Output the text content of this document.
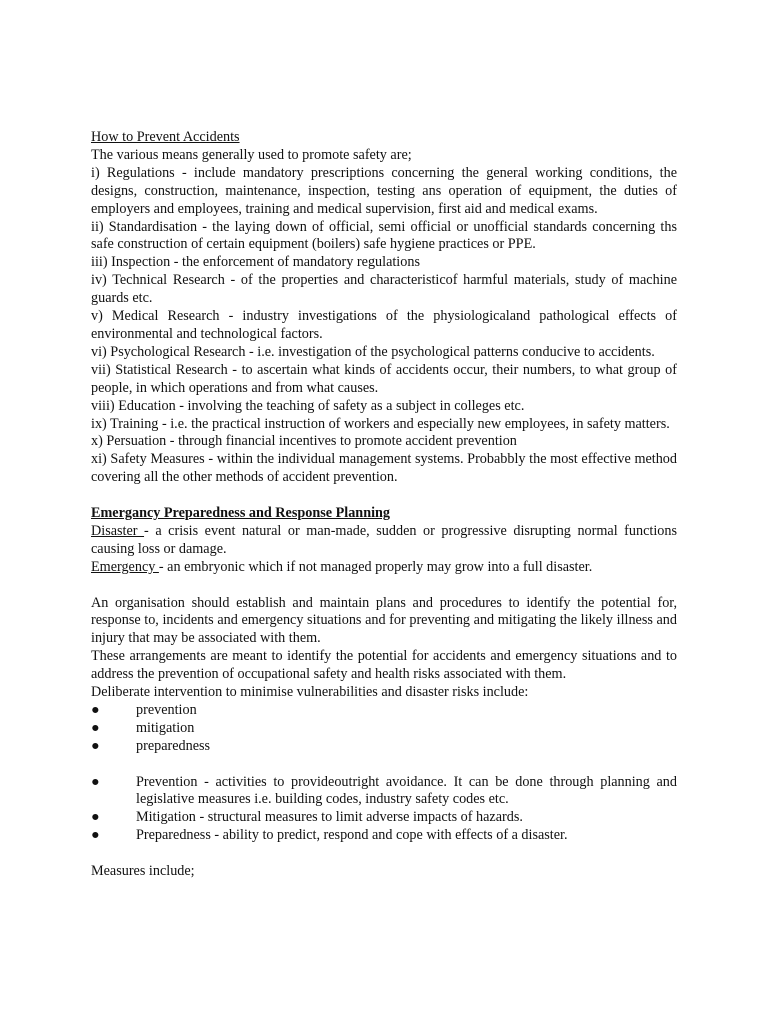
How to Prevent Accidents

The various means generally used to promote safety are;

i) Regulations - include mandatory prescriptions concerning the general working conditions, the designs, construction, maintenance, inspection, testing ans operation of equipment, the duties of employers and employees, training and medical supervision, first aid and medical exams.

ii) Standardisation - the laying down of official, semi official or unofficial standards concerning ths safe construction of certain equipment (boilers) safe hygiene practices or PPE.

iii) Inspection - the enforcement of mandatory regulations

iv) Technical Research - of the properties and characteristicof harmful materials, study of machine guards etc.

v) Medical Research - industry investigations of the physiologicaland pathological effects of environmental and technological factors.

vi) Psychological Research - i.e. investigation of the psychological patterns conducive to accidents.

vii) Statistical Research - to ascertain what kinds of accidents occur, their numbers, to what group of people, in which operations and from what causes.

viii) Education - involving the teaching of safety as a subject in colleges etc.

ix) Training - i.e. the practical instruction of workers and especially new employees, in safety matters.

x) Persuation - through financial incentives to promote accident prevention

xi) Safety Measures - within the individual management systems. Probabbly the most effective method covering all the other methods of accident prevention.

Emergancy Preparedness and Response Planning

Disaster - a crisis event natural or man-made, sudden or progressive disrupting normal functions causing loss or damage.

Emergency - an embryonic which if not managed properly may grow into a full disaster.

An organisation should establish and maintain plans and procedures to identify the potential for, response to, incidents and emergency situations and for preventing and mitigating the likely illness and injury that may be associated with them.

These arrangements are meant to identify the potential for accidents and emergency situations and to address the prevention of occupational safety and health risks associated with them.

Deliberate intervention to minimise vulnerabilities and disaster risks include:

●	prevention
●	mitigation
●	preparedness
●	Prevention - activities to provideoutright avoidance. It can be done through planning and legislative measures i.e. building codes, industry safety codes etc.
●	Mitigation - structural measures to limit adverse impacts of hazards.
●	Preparedness - ability to predict, respond and cope with effects of a disaster.

Measures include;
